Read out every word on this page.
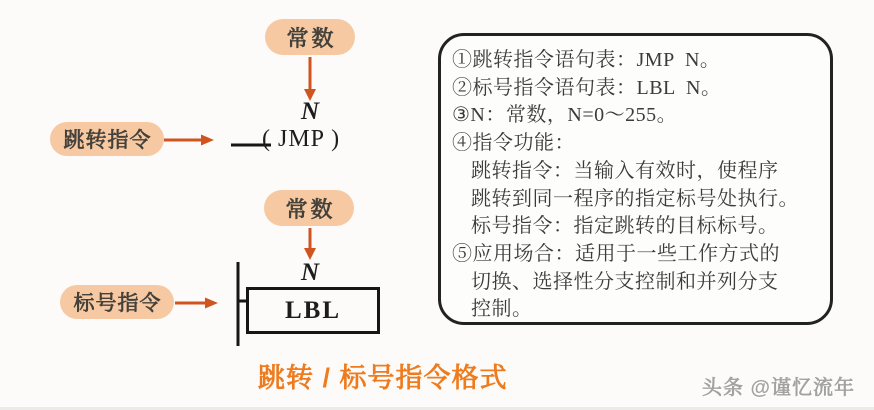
常数
N
( JMP )
跳转指令
常数
N
LBL
标号指令
①跳转指令语句表：JMP  N。
②标号指令语句表：LBL  N。
③N：常数，N=0～255。
④指令功能：
跳转指令：当输入有效时，使程序
跳转到同一程序的指定标号处执行。
标号指令：指定跳转的目标标号。
⑤应用场合：适用于一些工作方式的
切换、选择性分支控制和并列分支
控制。
跳转 / 标号指令格式	头条 @谨忆流年
